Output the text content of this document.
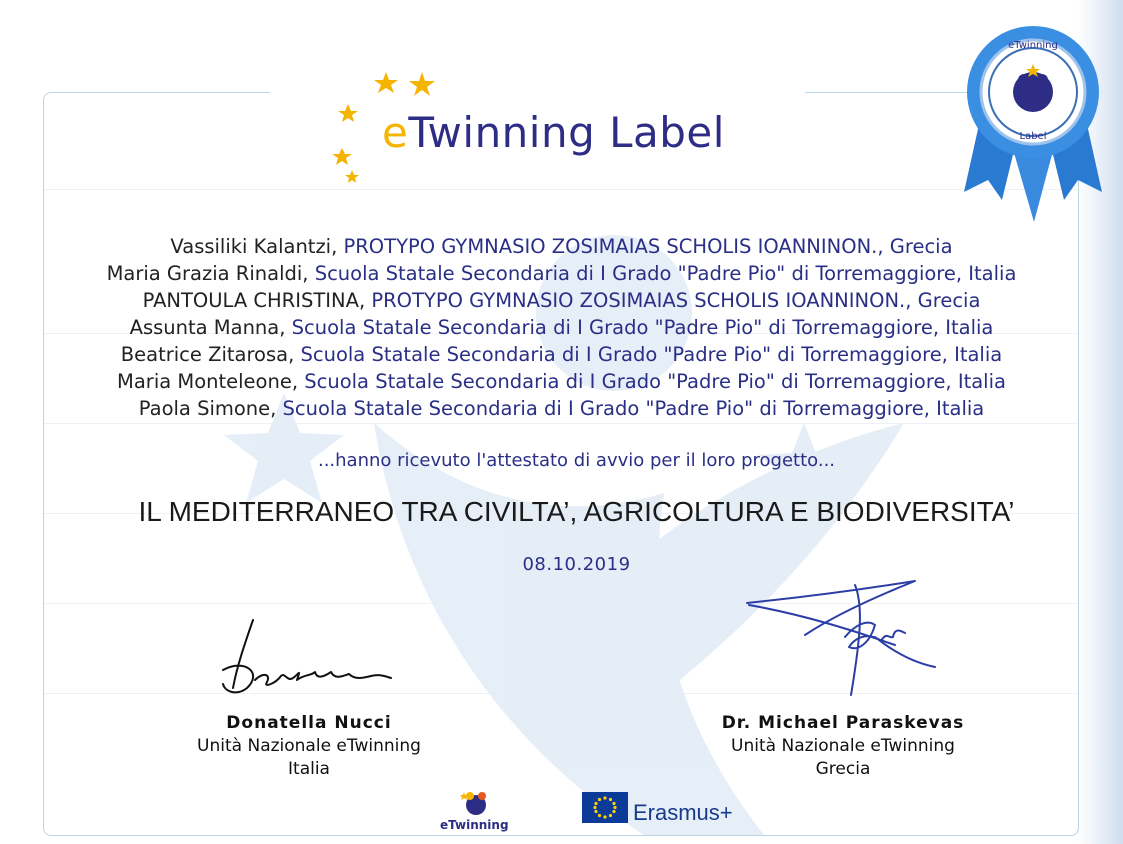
eTwinning Label
eTwinning
Label
Vassiliki Kalantzi, PROTYPO GYMNASIO ZOSIMAIAS SCHOLIS IOANNINON., Grecia
Maria Grazia Rinaldi, Scuola Statale Secondaria di I Grado "Padre Pio" di Torremaggiore, Italia
PANTOULA CHRISTINA, PROTYPO GYMNASIO ZOSIMAIAS SCHOLIS IOANNINON., Grecia
Assunta Manna, Scuola Statale Secondaria di I Grado "Padre Pio" di Torremaggiore, Italia
Beatrice Zitarosa, Scuola Statale Secondaria di I Grado "Padre Pio" di Torremaggiore, Italia
Maria Monteleone, Scuola Statale Secondaria di I Grado "Padre Pio" di Torremaggiore, Italia
Paola Simone, Scuola Statale Secondaria di I Grado "Padre Pio" di Torremaggiore, Italia
...hanno ricevuto l'attestato di avvio per il loro progetto...
IL MEDITERRANEO TRA CIVILTA’, AGRICOLTURA E BIODIVERSITA’
08.10.2019
Donatella Nucci
Unità Nazionale eTwinning
Italia
Dr. Michael Paraskevas
Unità Nazionale eTwinning
Grecia
eTwinning	Erasmus+
